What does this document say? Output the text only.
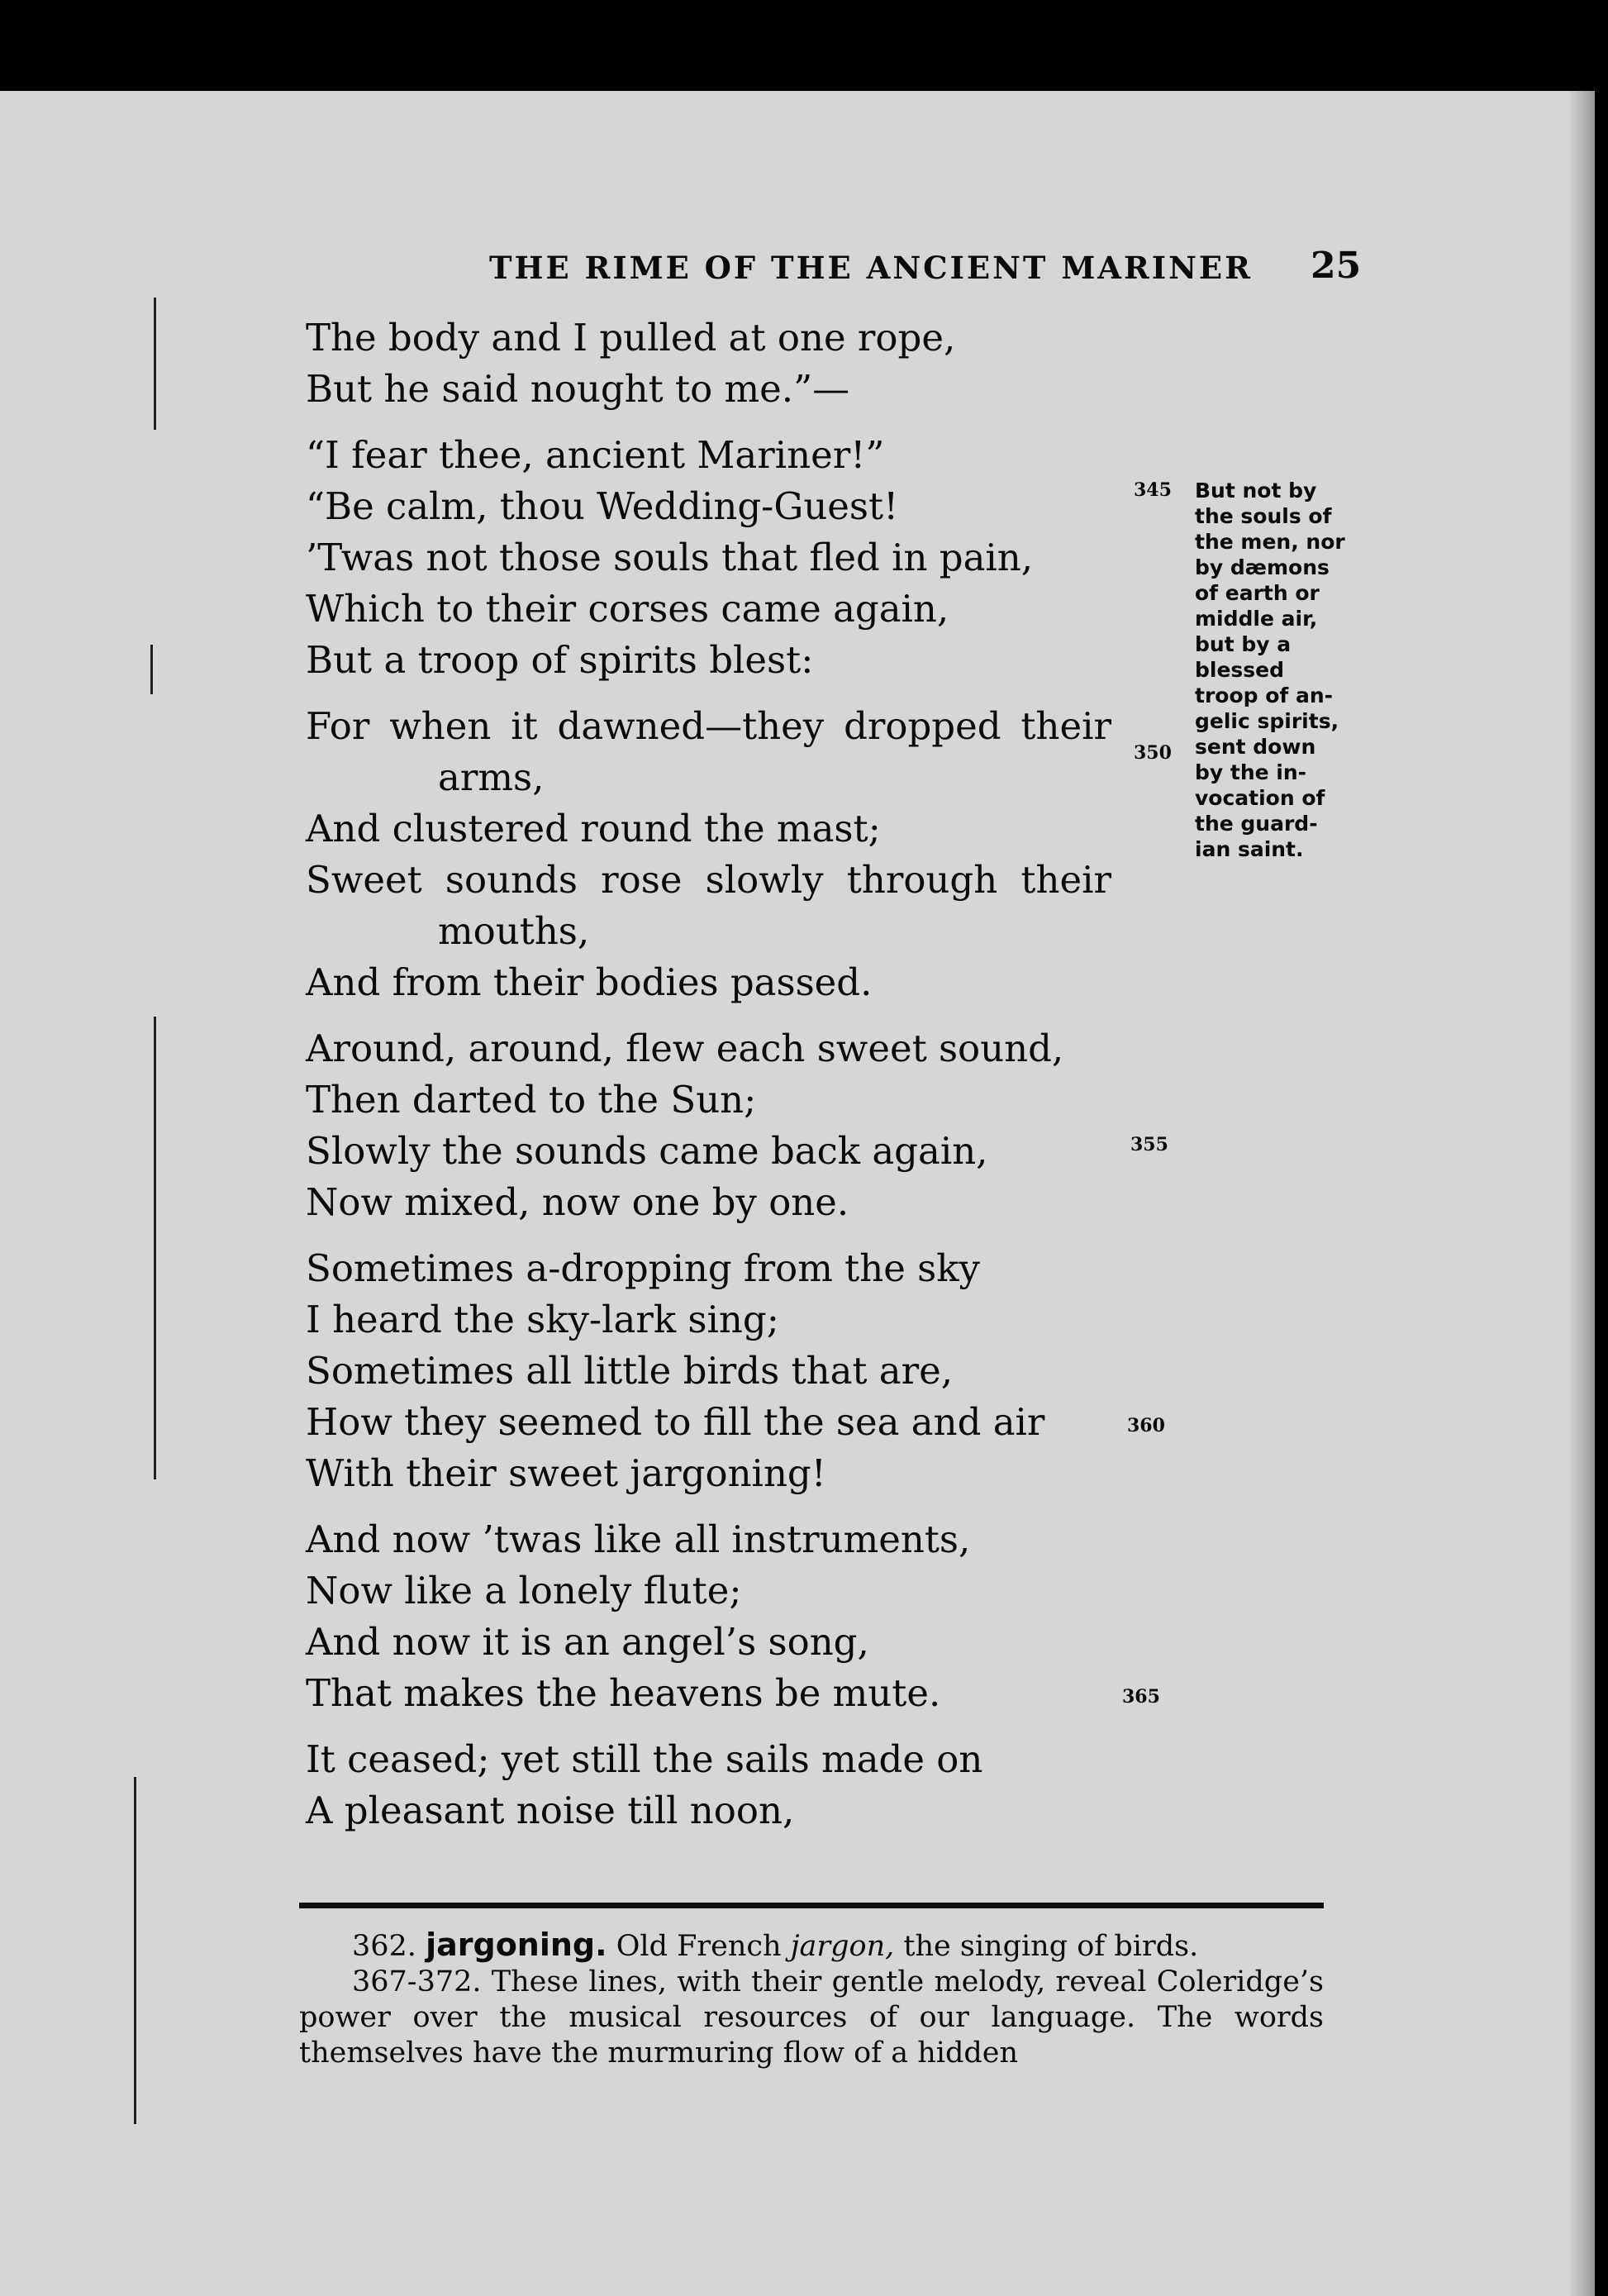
THE RIME OF THE ANCIENT MARINER 25
The body and I pulled at one rope,
But he said nought to me.”—
“I fear thee, ancient Mariner!”
“Be calm, thou Wedding-Guest!
’Twas not those souls that fled in pain,
Which to their corses came again,
But a troop of spirits blest:
For when it dawned—they dropped their
arms,
And clustered round the mast;
Sweet sounds rose slowly through their
mouths,
And from their bodies passed.
Around, around, flew each sweet sound,
Then darted to the Sun;
Slowly the sounds came back again,
Now mixed, now one by one.
Sometimes a-dropping from the sky
I heard the sky-lark sing;
Sometimes all little birds that are,
How they seemed to fill the sea and air
With their sweet jargoning!
And now ’twas like all instruments,
Now like a lonely flute;
And now it is an angel’s song,
That makes the heavens be mute.
It ceased; yet still the sails made on
A pleasant noise till noon,
345
350
355
360
365
But not by
the souls of
the men, nor
by dæmons
of earth or
middle air,
but by a
blessed
troop of an-
gelic spirits,
sent down
by the in-
vocation of
the guard-
ian saint.

362. jargoning. Old French jargon, the singing of birds.

367-372. These lines, with their gentle melody, reveal Coleridge’s power over the musical resources of our language. The words themselves have the murmuring flow of a hidden
